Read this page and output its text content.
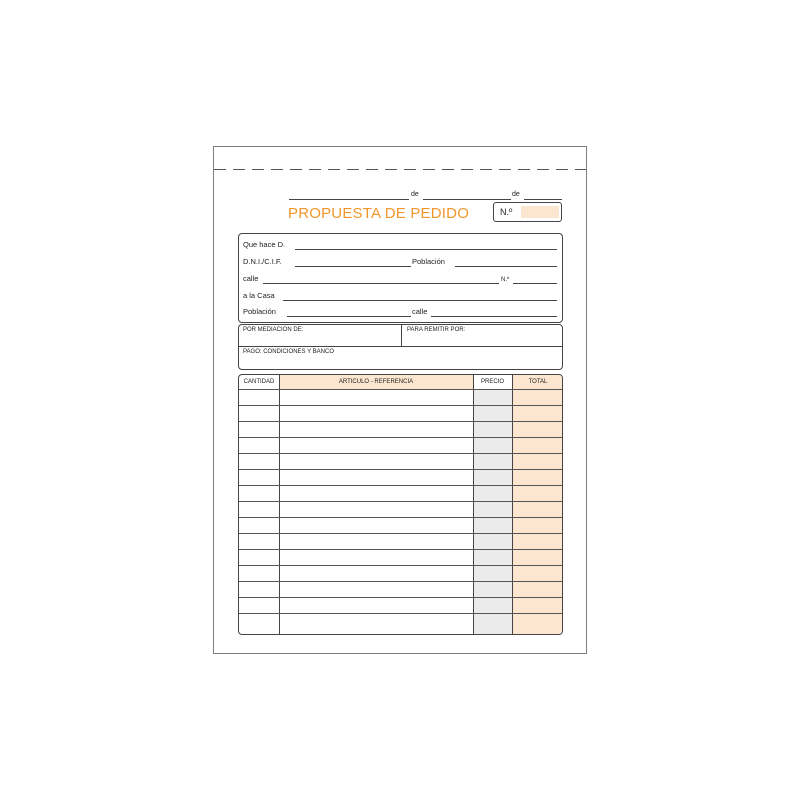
de	de
PROPUESTA DE PEDIDO	N.º
Que hace D.
D.N.I./C.I.F.	Población
calle	N.º
a la Casa
Población	calle
POR MEDIACION DE:	PARA REMITIR POR:
PAGO: CONDICIONES Y BANCO
CANTIDAD	ARTICULO - REFERENCIA	PRECIO	TOTAL
